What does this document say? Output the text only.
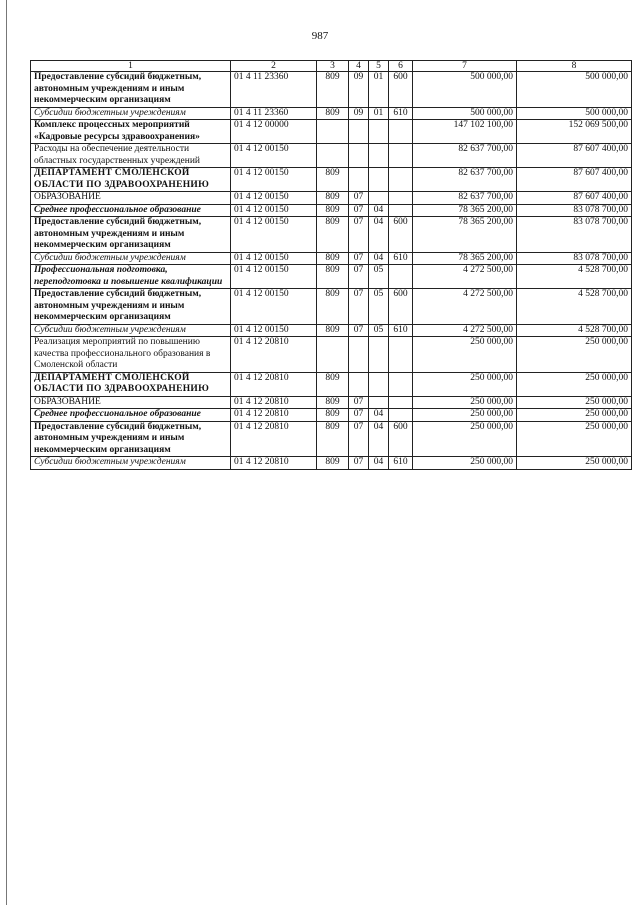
987
1	2	3	4	5	6	7	8
Предоставление субсидий бюджетным, автономным учреждениям и иным некоммерческим организациям	01 4 11 23360	809	09	01	600	500 000,00	500 000,00
Субсидии бюджетным учреждениям	01 4 11 23360	809	09	01	610	500 000,00	500 000,00
Комплекс процессных мероприятий «Кадровые ресурсы здравоохранения»	01 4 12 00000					147 102 100,00	152 069 500,00
Расходы на обеспечение деятельности областных государственных учреждений	01 4 12 00150					82 637 700,00	87 607 400,00
ДЕПАРТАМЕНТ СМОЛЕНСКОЙ ОБЛАСТИ ПО ЗДРАВООХРАНЕНИЮ	01 4 12 00150	809				82 637 700,00	87 607 400,00
ОБРАЗОВАНИЕ	01 4 12 00150	809	07			82 637 700,00	87 607 400,00
Среднее профессиональное образование	01 4 12 00150	809	07	04		78 365 200,00	83 078 700,00
Предоставление субсидий бюджетным, автономным учреждениям и иным некоммерческим организациям	01 4 12 00150	809	07	04	600	78 365 200,00	83 078 700,00
Субсидии бюджетным учреждениям	01 4 12 00150	809	07	04	610	78 365 200,00	83 078 700,00
Профессиональная подготовка, переподготовка и повышение квалификации	01 4 12 00150	809	07	05		4 272 500,00	4 528 700,00
Предоставление субсидий бюджетным, автономным учреждениям и иным некоммерческим организациям	01 4 12 00150	809	07	05	600	4 272 500,00	4 528 700,00
Субсидии бюджетным учреждениям	01 4 12 00150	809	07	05	610	4 272 500,00	4 528 700,00
Реализация мероприятий по повышению качества профессионального образования в Смоленской области	01 4 12 20810					250 000,00	250 000,00
ДЕПАРТАМЕНТ СМОЛЕНСКОЙ ОБЛАСТИ ПО ЗДРАВООХРАНЕНИЮ	01 4 12 20810	809				250 000,00	250 000,00
ОБРАЗОВАНИЕ	01 4 12 20810	809	07			250 000,00	250 000,00
Среднее профессиональное образование	01 4 12 20810	809	07	04		250 000,00	250 000,00
Предоставление субсидий бюджетным, автономным учреждениям и иным некоммерческим организациям	01 4 12 20810	809	07	04	600	250 000,00	250 000,00
Субсидии бюджетным учреждениям	01 4 12 20810	809	07	04	610	250 000,00	250 000,00
